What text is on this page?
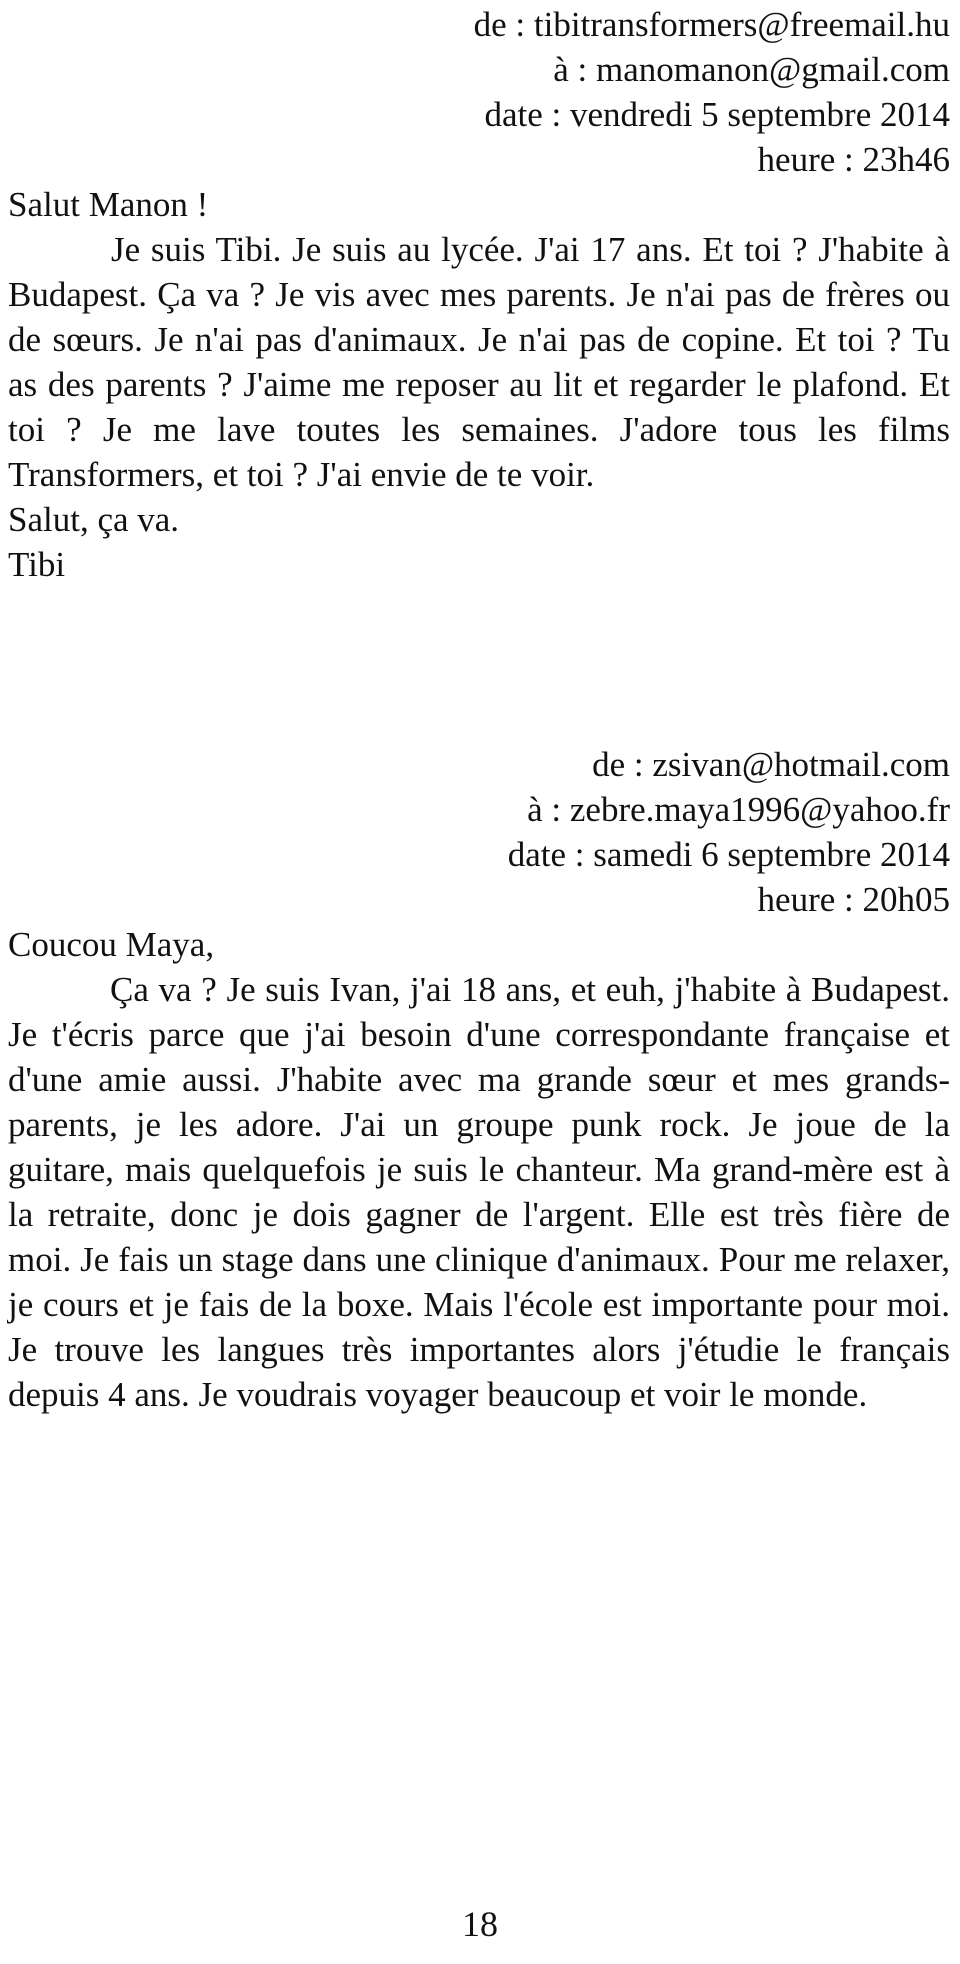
de : tibitransformers@freemail.hu
à : manomanon@gmail.com
date : vendredi 5 septembre 2014
heure : 23h46
Salut Manon !

Je suis Tibi. Je suis au lycée. J'ai 17 ans. Et toi ? J'habite à Budapest. Ça va ? Je vis avec mes parents. Je n'ai pas de frères ou de sœurs. Je n'ai pas d'animaux. Je n'ai pas de copine. Et toi ? Tu as des parents ? J'aime me reposer au lit et regarder le plafond. Et toi ? Je me lave toutes les semaines. J'adore tous les films Transformers, et toi ? J'ai envie de te voir.

Salut, ça va.
Tibi
de : zsivan@hotmail.com
à : zebre.maya1996@yahoo.fr
date : samedi 6 septembre 2014
heure : 20h05
Coucou Maya,

Ça va ? Je suis Ivan, j'ai 18 ans, et euh, j'habite à Budapest. Je t'écris parce que j'ai besoin d'une correspondante française et d'une amie aussi. J'habite avec ma grande sœur et mes grands-parents, je les adore. J'ai un groupe punk rock. Je joue de la guitare, mais quelquefois je suis le chanteur. Ma grand-mère est à la retraite, donc je dois gagner de l'argent. Elle est très fière de moi. Je fais un stage dans une clinique d'animaux. Pour me relaxer, je cours et je fais de la boxe. Mais l'école est importante pour moi. Je trouve les langues très importantes alors j'étudie le français depuis 4 ans. Je voudrais voyager beaucoup et voir le monde.

18
